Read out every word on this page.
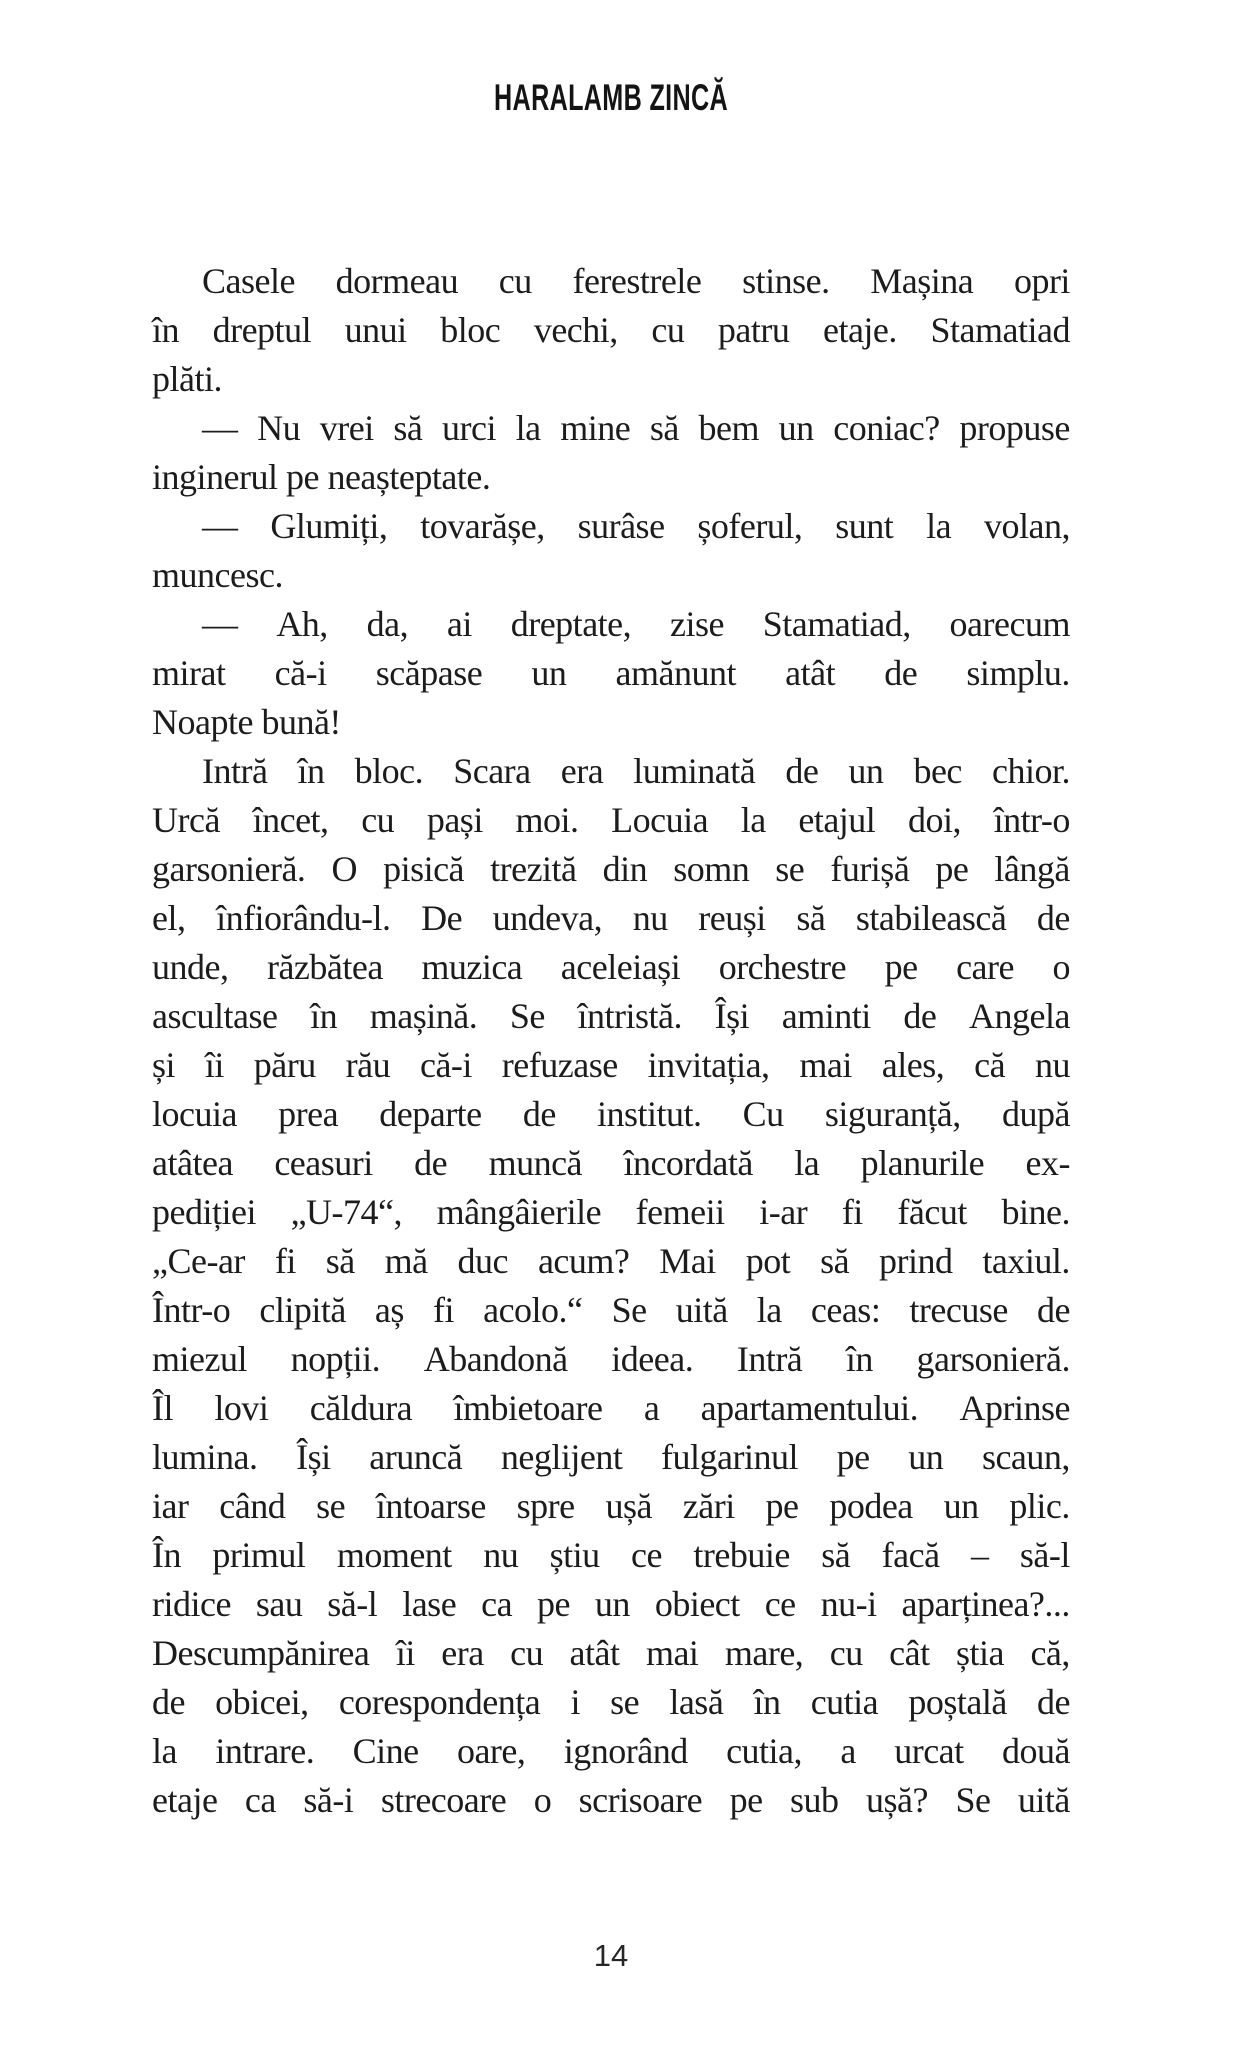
HARALAMB ZINCĂ
Casele dormeau cu ferestrele stinse. Mașina opri
în dreptul unui bloc vechi, cu patru etaje. Stamatiad
plăti.
— Nu vrei să urci la mine să bem un coniac? propuse
inginerul pe neașteptate.
— Glumiți, tovarășe, surâse șoferul, sunt la volan,
muncesc.
— Ah, da, ai dreptate, zise Stamatiad, oarecum
mirat că-i scăpase un amănunt atât de simplu.
Noapte bună!
Intră în bloc. Scara era luminată de un bec chior.
Urcă încet, cu pași moi. Locuia la etajul doi, într-o
garsonieră. O pisică trezită din somn se furișă pe lângă
el, înfiorându-l. De undeva, nu reuși să stabilească de
unde, răzbătea muzica aceleiași orchestre pe care o
ascultase în mașină. Se întristă. Își aminti de Angela
și îi păru rău că-i refuzase invitația, mai ales, că nu
locuia prea departe de institut. Cu siguranță, după
atâtea ceasuri de muncă încordată la planurile ex-
pediției „U-74“, mângâierile femeii i-ar fi făcut bine.
„Ce-ar fi să mă duc acum? Mai pot să prind taxiul.
Într-o clipită aș fi acolo.“ Se uită la ceas: trecuse de
miezul nopții. Abandonă ideea. Intră în garsonieră.
Îl lovi căldura îmbietoare a apartamentului. Aprinse
lumina. Își aruncă neglijent fulgarinul pe un scaun,
iar când se întoarse spre ușă zări pe podea un plic.
În primul moment nu știu ce trebuie să facă – să-l
ridice sau să-l lase ca pe un obiect ce nu-i aparținea?...
Descumpănirea îi era cu atât mai mare, cu cât știa că,
de obicei, corespondența i se lasă în cutia poștală de
la intrare. Cine oare, ignorând cutia, a urcat două
etaje ca să-i strecoare o scrisoare pe sub ușă? Se uită
14
